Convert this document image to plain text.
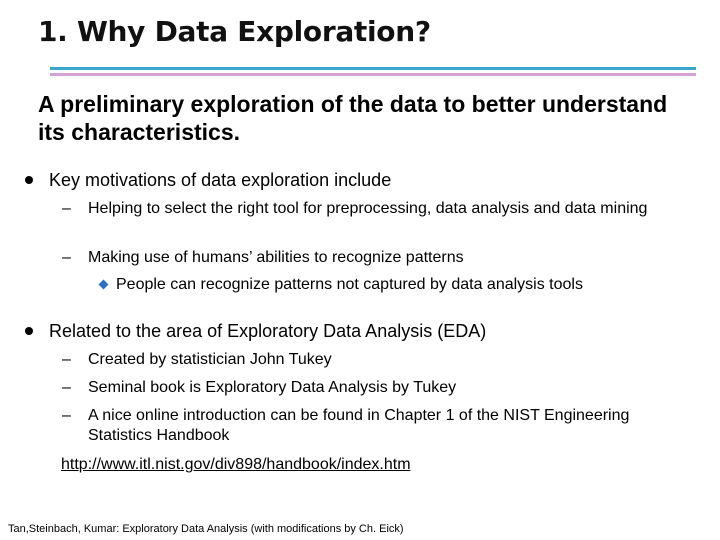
1. Why Data Exploration?

A preliminary exploration of the data to better understand its characteristics.

Key motivations of data exploration include
– Helping to select the right tool for preprocessing, data analysis and data mining
– Making use of humans’ abilities to recognize patterns
People can recognize patterns not captured by data analysis tools
Related to the area of Exploratory Data Analysis (EDA)
– Created by statistician John Tukey
– Seminal book is Exploratory Data Analysis by Tukey
– A nice online introduction can be found in Chapter 1 of the NIST Engineering Statistics Handbook
http://www.itl.nist.gov/div898/handbook/index.htm
Tan,Steinbach, Kumar: Exploratory Data Analysis (with modifications by Ch. Eick)
